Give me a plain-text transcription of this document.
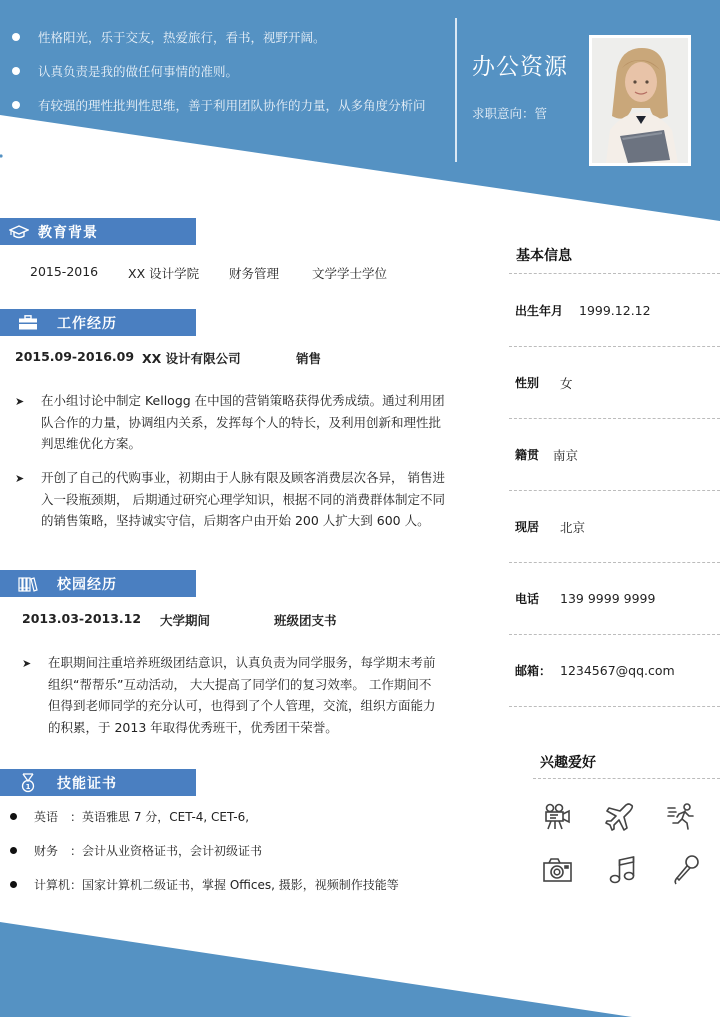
性格阳光，乐于交友，热爱旅行，看书，视野开阔。
认真负责是我的做任何事情的准则。
有较强的理性批判性思维，善于利用团队协作的力量，从多角度分析问
办公资源
求职意向：管
教育背景
2015-2016 XX 设计学院 财务管理	文学学士学位
工作经历
2015.09-2016.09 XX 设计有限公司	销售
➤	在小组讨论中制定 Kellogg 在中国的营销策略获得优秀成绩。通过利用团队合作的力量，协调组内关系，发挥每个人的特长，及利用创新和理性批判思维优化方案。
➤	开创了自己的代购事业，初期由于人脉有限及顾客消费层次各异， 销售进入一段瓶颈期， 后期通过研究心理学知识，根据不同的消费群体制定不同的销售策略，坚持诚实守信，后期客户由开始 200 人扩大到 600 人。
校园经历
2013.03-2013.12 大学期间	班级团支书
➤	在职期间注重培养班级团结意识，认真负责为同学服务，每学期末考前组织“帮帮乐”互动活动， 大大提高了同学们的复习效率。 工作期间不但得到老师同学的充分认可，也得到了个人管理，交流，组织方面能力的积累，于 2013 年取得优秀班干，优秀团干荣誉。
1 技能证书
英语　：英语雅思 7 分，CET-4, CET-6,
财务　：会计从业资格证书，会计初级证书
计算机：国家计算机二级证书，掌握 Offices, 摄影，视频制作技能等
基本信息
出生年月	1999.12.12
性别	女
籍贯	南京
现居	北京
电话	139 9999 9999
邮箱： 1234567@qq.com
兴趣爱好
